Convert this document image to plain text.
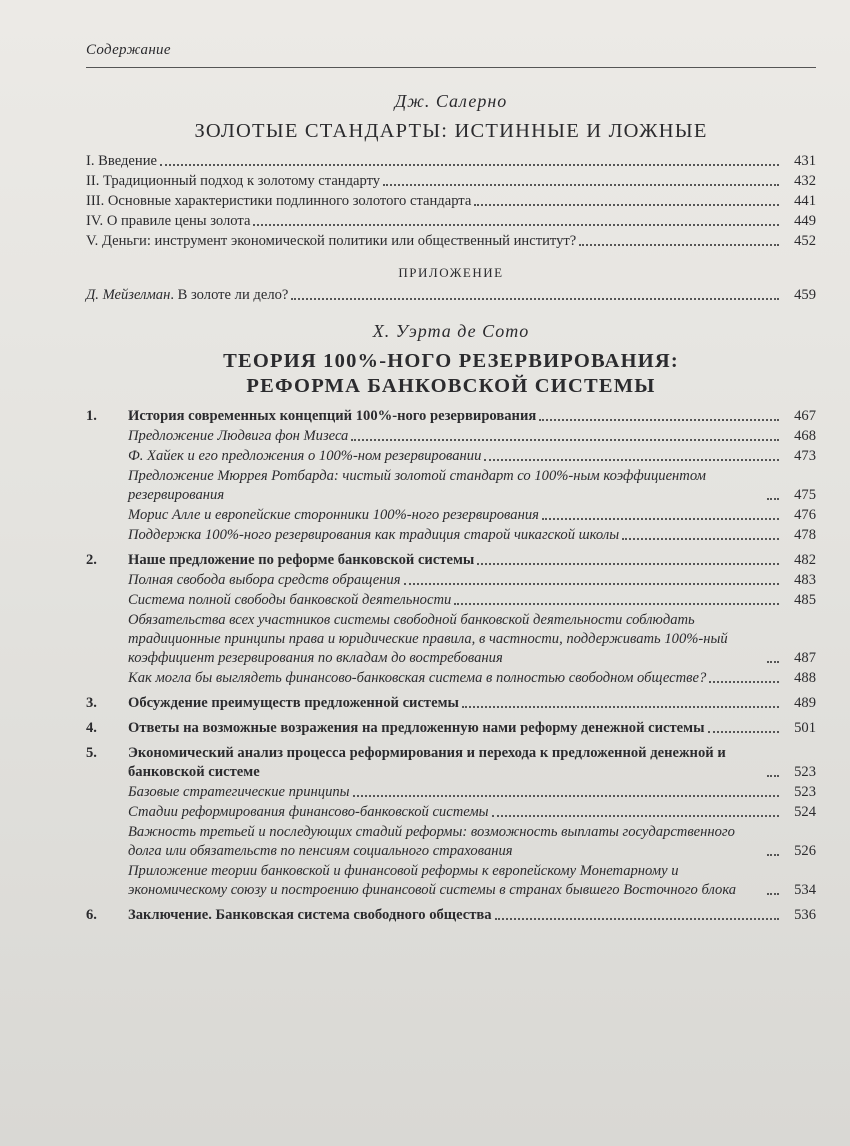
Содержание
Дж. Салерно
ЗОЛОТЫЕ СТАНДАРТЫ: ИСТИННЫЕ И ЛОЖНЫЕ
I. Введение	431
II. Традиционный подход к золотому стандарту	432
III. Основные характеристики подлинного золотого стандарта	441
IV. О правиле цены золота	449
V. Деньги: инструмент экономической политики или общественный институт?	452
ПРИЛОЖЕНИЕ
Д. Мейзелман. В золоте ли дело?	459
Х. Уэрта де Сото
ТЕОРИЯ 100%-НОГО РЕЗЕРВИРОВАНИЯ:
РЕФОРМА БАНКОВСКОЙ СИСТЕМЫ
1.	История современных концепций 100%-ного резервирования	467
Предложение Людвига фон Мизеса	468
Ф. Хайек и его предложения о 100%-ном резервировании	473
Предложение Мюррея Ротбарда: чистый золотой стандарт со 100%-ным коэффициентом резервирования	475
Морис Алле и европейские сторонники 100%-ного резервирования	476
Поддержка 100%-ного резервирования как традиция старой чикагской школы	478
2.	Наше предложение по реформе банковской системы	482
Полная свобода выбора средств обращения	483
Система полной свободы банковской деятельности	485
Обязательства всех участников системы свободной банковской деятельности соблюдать традиционные принципы права и юридические правила, в частности, поддерживать 100%-ный коэффициент резервирования по вкладам до востребования	487
Как могла бы выглядеть финансово-банковская система в полностью свободном обществе?	488
3.	Обсуждение преимуществ предложенной системы	489
4.	Ответы на возможные возражения на предложенную нами реформу денежной системы	501
5.	Экономический анализ процесса реформирования и перехода к предложенной денежной и банковской системе	523
Базовые стратегические принципы	523
Стадии реформирования финансово-банковской системы	524
Важность третьей и последующих стадий реформы: возможность выплаты государственного долга или обязательств по пенсиям социального страхования	526
Приложение теории банковской и финансовой реформы к европейскому Монетарному и экономическому союзу и построению финансовой системы в странах бывшего Восточного блока	534
6.	Заключение. Банковская система свободного общества	536
